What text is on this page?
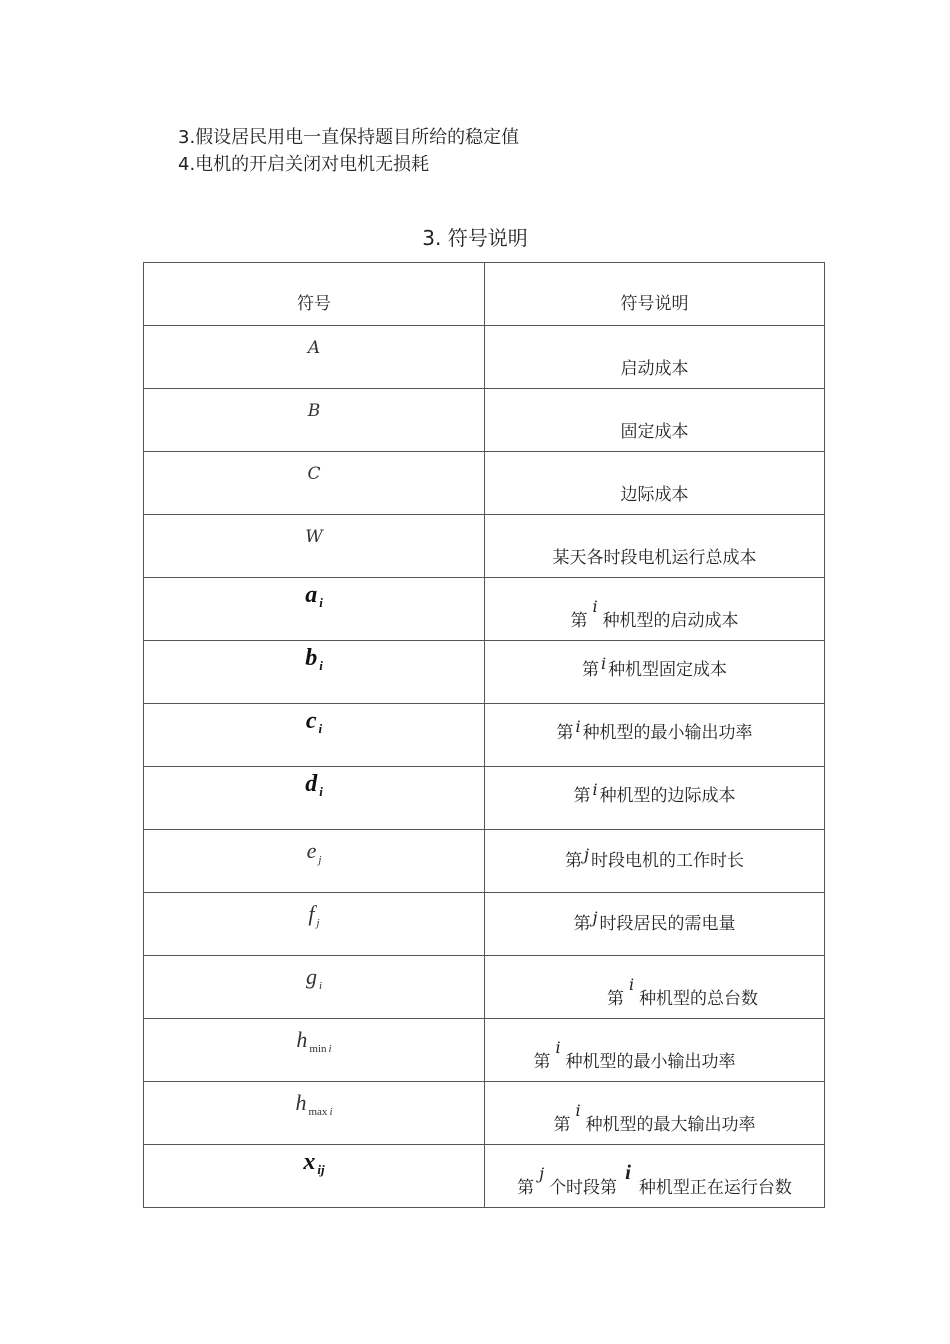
3.假设居民用电一直保持题目所给的稳定值
4.电机的开启关闭对电机无损耗
3. 符号说明
符号	符号说明

A	启动成本

B	固定成本

C	边际成本

W	某天各时段电机运行总成本

a $_i$	第i种机型的启动成本

b $_i$	第 i 种机型固定成本

c $_i$	第 i 种机型的最小输出功率

d $_i$	第 i 种机型的边际成本

e $_j$	第 j 时段电机的工作时长

f $_j$	第 j 时段居民的需电量

g $_i$	第i种机型的总台数

h $_{min}$ $_i$	第i种机型的最小输出功率

h $_{max}$ $_i$	第i种机型的最大输出功率

x $_{ij}$	第j个时段第i种机型正在运行台数
